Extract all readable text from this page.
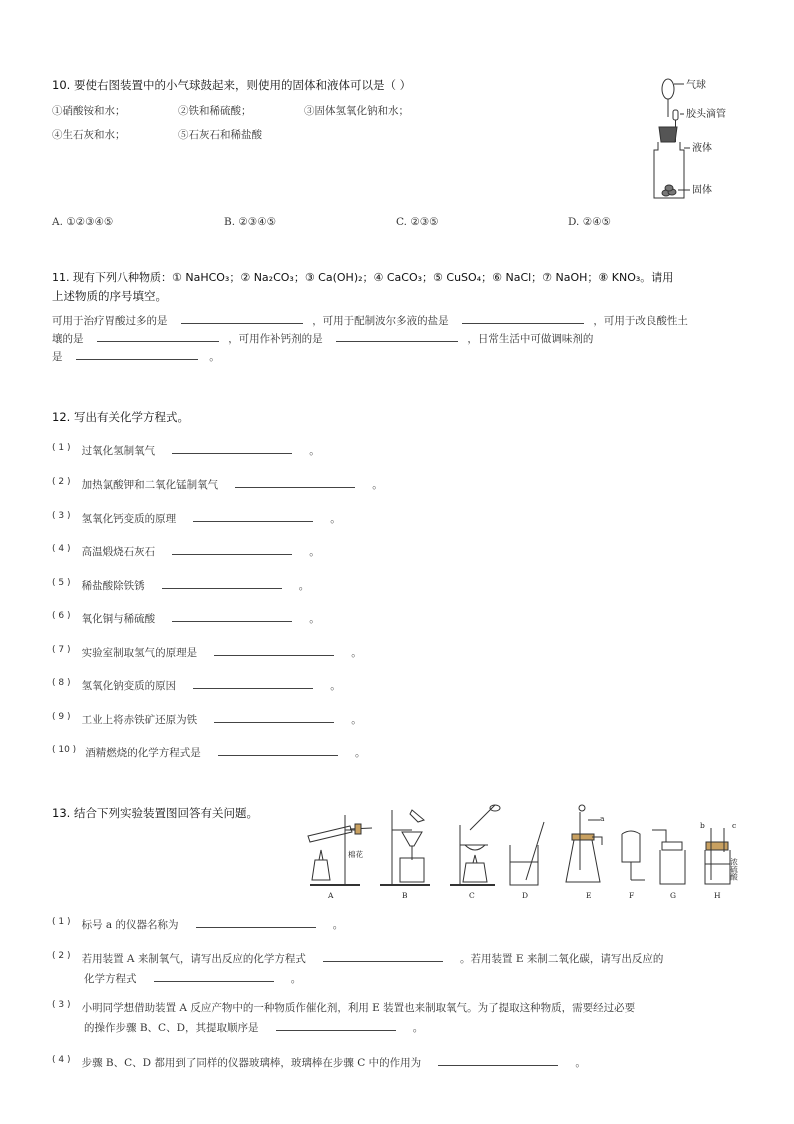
10. 要使右图装置中的小气球鼓起来，则使用的固体和液体可以是（ ）
①硝酸铵和水；	②铁和稀硫酸；	③固体氢氧化钠和水；
④生石灰和水；	⑤石灰石和稀盐酸
A. ①②③④⑤	B. ②③④⑤	C. ②③⑤	D. ②④⑤
气球
胶头滴管
液体
固体
11. 现有下列八种物质：① NaHCO₃；② Na₂CO₃；③ Ca(OH)₂；④ CaCO₃；⑤ CuSO₄；⑥ NaCl；⑦ NaOH；⑧ KNO₃。请用
上述物质的序号填空。
可用于治疗胃酸过多的是	，可用于配制波尔多液的盐是	，可用于改良酸性土
壤的是	，可用作补钙剂的是	，日常生活中可做调味剂的
是	。
12. 写出有关化学方程式。
$^{( 1 )}$ 过氧化氢制氧气	。
$^{( 2 )}$ 加热氯酸钾和二氧化锰制氧气	。
$^{( 3 )}$ 氢氧化钙变质的原理	。
$^{( 4 )}$ 高温煅烧石灰石	。
$^{( 5 )}$ 稀盐酸除铁锈	。
$^{( 6 )}$ 氧化铜与稀硫酸	。
$^{( 7 )}$ 实验室制取氢气的原理是	。
$^{( 8 )}$ 氢氧化钠变质的原因	。
$^{( 9 )}$ 工业上将赤铁矿还原为铁	。
$^{( 10 )}$ 酒精燃烧的化学方程式是	。
13. 结合下列实验装置图回答有关问题。
棉花
A	B	C	D	E	F	G	H
a
b	c
浓硫酸
$^{( 1 )}$ 标号 a 的仪器名称为	。
$^{( 2 )}$ 若用装置 A 来制氧气，请写出反应的化学方程式	。若用装置 E 来制二氧化碳，请写出反应的
化学方程式	。
$^{( 3 )}$ 小明同学想借助装置 A 反应产物中的一种物质作催化剂，利用 E 装置也来制取氧气。为了提取这种物质，需要经过必要
的操作步骤 B、C、D，其提取顺序是	。
$^{( 4 )}$ 步骤 B、C、D 都用到了同样的仪器玻璃棒，玻璃棒在步骤 C 中的作用为	。
